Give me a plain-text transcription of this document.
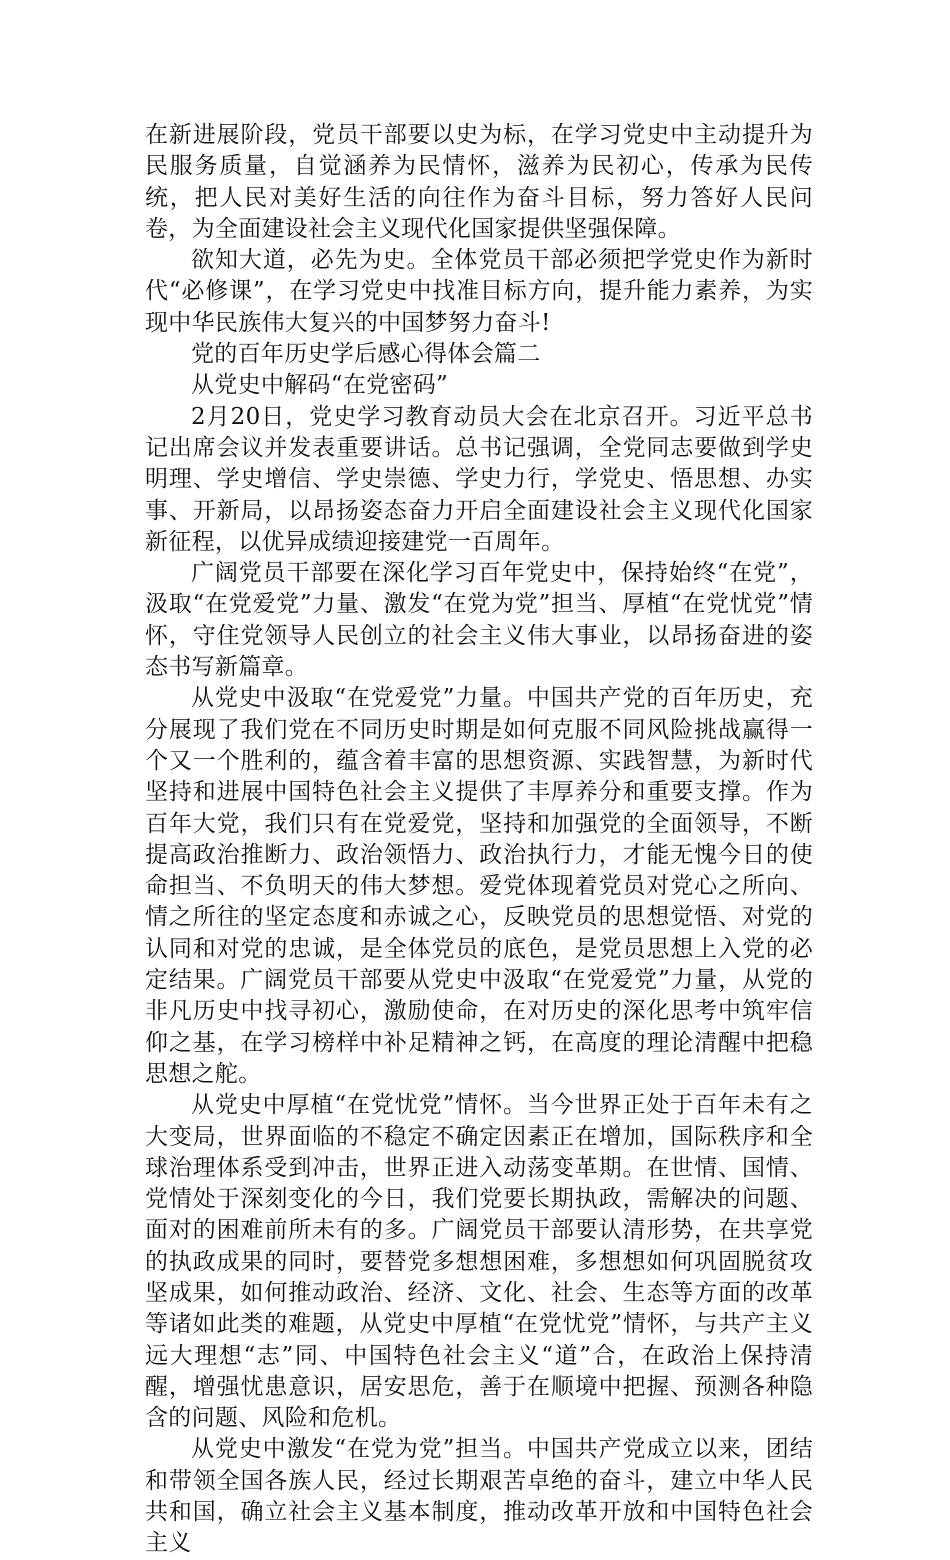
在新进展阶段，党员干部要以史为标，在学习党史中主动提升为民服务质量，自觉涵养为民情怀，滋养为民初心，传承为民传统，把人民对美好生活的向往作为奋斗目标，努力答好人民问卷，为全面建设社会主义现代化国家提供坚强保障。

欲知大道，必先为史。全体党员干部必须把学党史作为新时代“必修课”，在学习党史中找准目标方向，提升能力素养，为实现中华民族伟大复兴的中国梦努力奋斗!

党的百年历史学后感心得体会篇二

从党史中解码“在党密码”

2月20日，党史学习教育动员大会在北京召开。习近平总书记出席会议并发表重要讲话。总书记强调，全党同志要做到学史明理、学史增信、学史崇德、学史力行，学党史、悟思想、办实事、开新局，以昂扬姿态奋力开启全面建设社会主义现代化国家新征程，以优异成绩迎接建党一百周年。

广阔党员干部要在深化学习百年党史中，保持始终“在党”，汲取“在党爱党”力量、激发“在党为党”担当、厚植“在党忧党”情怀，守住党领导人民创立的社会主义伟大事业，以昂扬奋进的姿态书写新篇章。

从党史中汲取“在党爱党”力量。中国共产党的百年历史，充分展现了我们党在不同历史时期是如何克服不同风险挑战赢得一个又一个胜利的，蕴含着丰富的思想资源、实践智慧，为新时代坚持和进展中国特色社会主义提供了丰厚养分和重要支撑。作为百年大党，我们只有在党爱党，坚持和加强党的全面领导，不断提高政治推断力、政治领悟力、政治执行力，才能无愧今日的使命担当、不负明天的伟大梦想。爱党体现着党员对党心之所向、情之所往的坚定态度和赤诚之心，反映党员的思想觉悟、对党的认同和对党的忠诚，是全体党员的底色，是党员思想上入党的必定结果。广阔党员干部要从党史中汲取“在党爱党”力量，从党的非凡历史中找寻初心，激励使命，在对历史的深化思考中筑牢信仰之基，在学习榜样中补足精神之钙，在高度的理论清醒中把稳思想之舵。

从党史中厚植“在党忧党”情怀。当今世界正处于百年未有之大变局，世界面临的不稳定不确定因素正在增加，国际秩序和全球治理体系受到冲击，世界正进入动荡变革期。在世情、国情、党情处于深刻变化的今日，我们党要长期执政，需解决的问题、面对的困难前所未有的多。广阔党员干部要认清形势，在共享党的执政成果的同时，要替党多想想困难，多想想如何巩固脱贫攻坚成果，如何推动政治、经济、文化、社会、生态等方面的改革等诸如此类的难题，从党史中厚植“在党忧党”情怀，与共产主义远大理想“志”同、中国特色社会主义“道”合，在政治上保持清醒，增强忧患意识，居安思危，善于在顺境中把握、预测各种隐含的问题、风险和危机。

从党史中激发“在党为党”担当。中国共产党成立以来，团结和带领全国各族人民，经过长期艰苦卓绝的奋斗，建立中华人民共和国，确立社会主义基本制度，推动改革开放和中国特色社会主义
